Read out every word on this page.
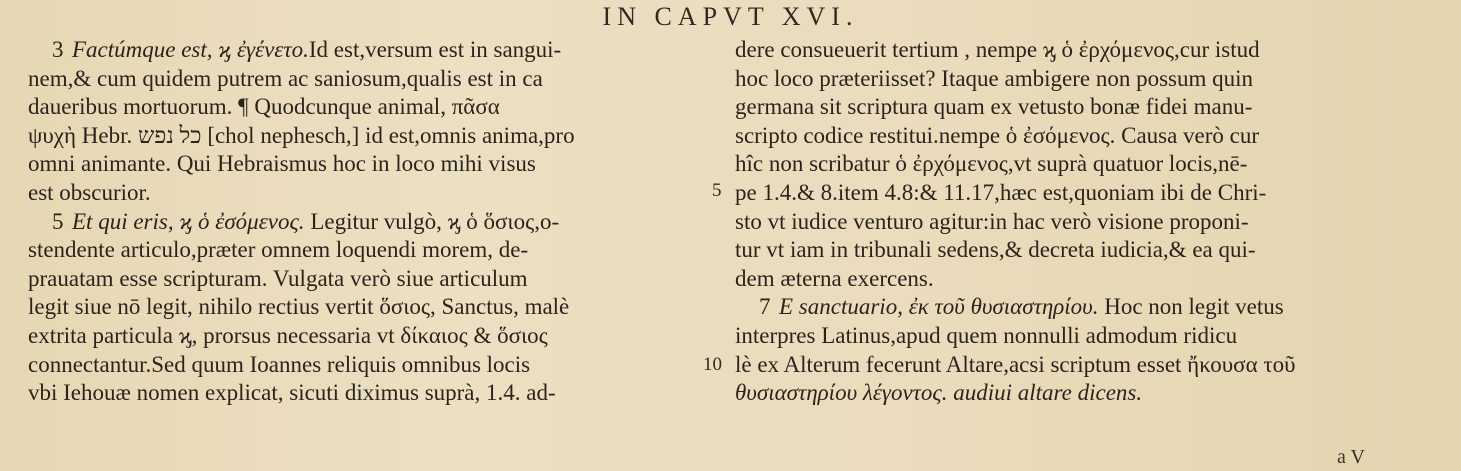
IN CAPVT XVI.
3 Factúmque est, ϗ ἐγένετο.Id est,versum est in sangui-
nem,& cum quidem putrem ac saniosum,qualis est in ca
daueribus mortuorum. ¶ Quodcunque animal, πᾶσα
ψυχὴ Hebr. כל נפש [chol nephesch,] id est,omnis anima,pro
omni animante. Qui Hebraismus hoc in loco mihi visus
est obscurior.
5 Et qui eris, ϗ ὁ ἐσόμενος. Legitur vulgò, ϗ ὁ ὅσιος,o-
stendente articulo,præter omnem loquendi morem, de-
prauatam esse scripturam. Vulgata verò siue articulum
legit siue nō legit, nihilo rectius vertit ὅσιος, Sanctus, malè
extrita particula ϗ, prorsus necessaria vt δίκαιος & ὅσιος
connectantur.Sed quum Ioannes reliquis omnibus locis
vbi Iehouæ nomen explicat, sicuti diximus suprà, 1.4. ad-
dere consueuerit tertium , nempe ϗ ὁ ἐρχόμενος,cur istud
hoc loco præteriisset? Itaque ambigere non possum quin
germana sit scriptura quam ex vetusto bonæ fidei manu-
scripto codice restitui.nempe ὁ ἐσόμενος. Causa verò cur
hîc non scribatur ὁ ἐρχόμενος,vt suprà quatuor locis,nē-
pe 1.4.& 8.item 4.8:& 11.17,hæc est,quoniam ibi de Chri-
sto vt iudice venturo agitur:in hac verò visione proponi-
tur vt iam in tribunali sedens,& decreta iudicia,& ea qui-
dem æterna exercens.
7 E sanctuario, ἐκ τοῦ θυσιαστηρίου. Hoc non legit vetus
interpres Latinus,apud quem nonnulli admodum ridicu
lè ex Alterum fecerunt Altare,acsi scriptum esset ἤκουσα τοῦ
θυσιαστηρίου λέγοντος. audiui altare dicens.
5
10
a V
